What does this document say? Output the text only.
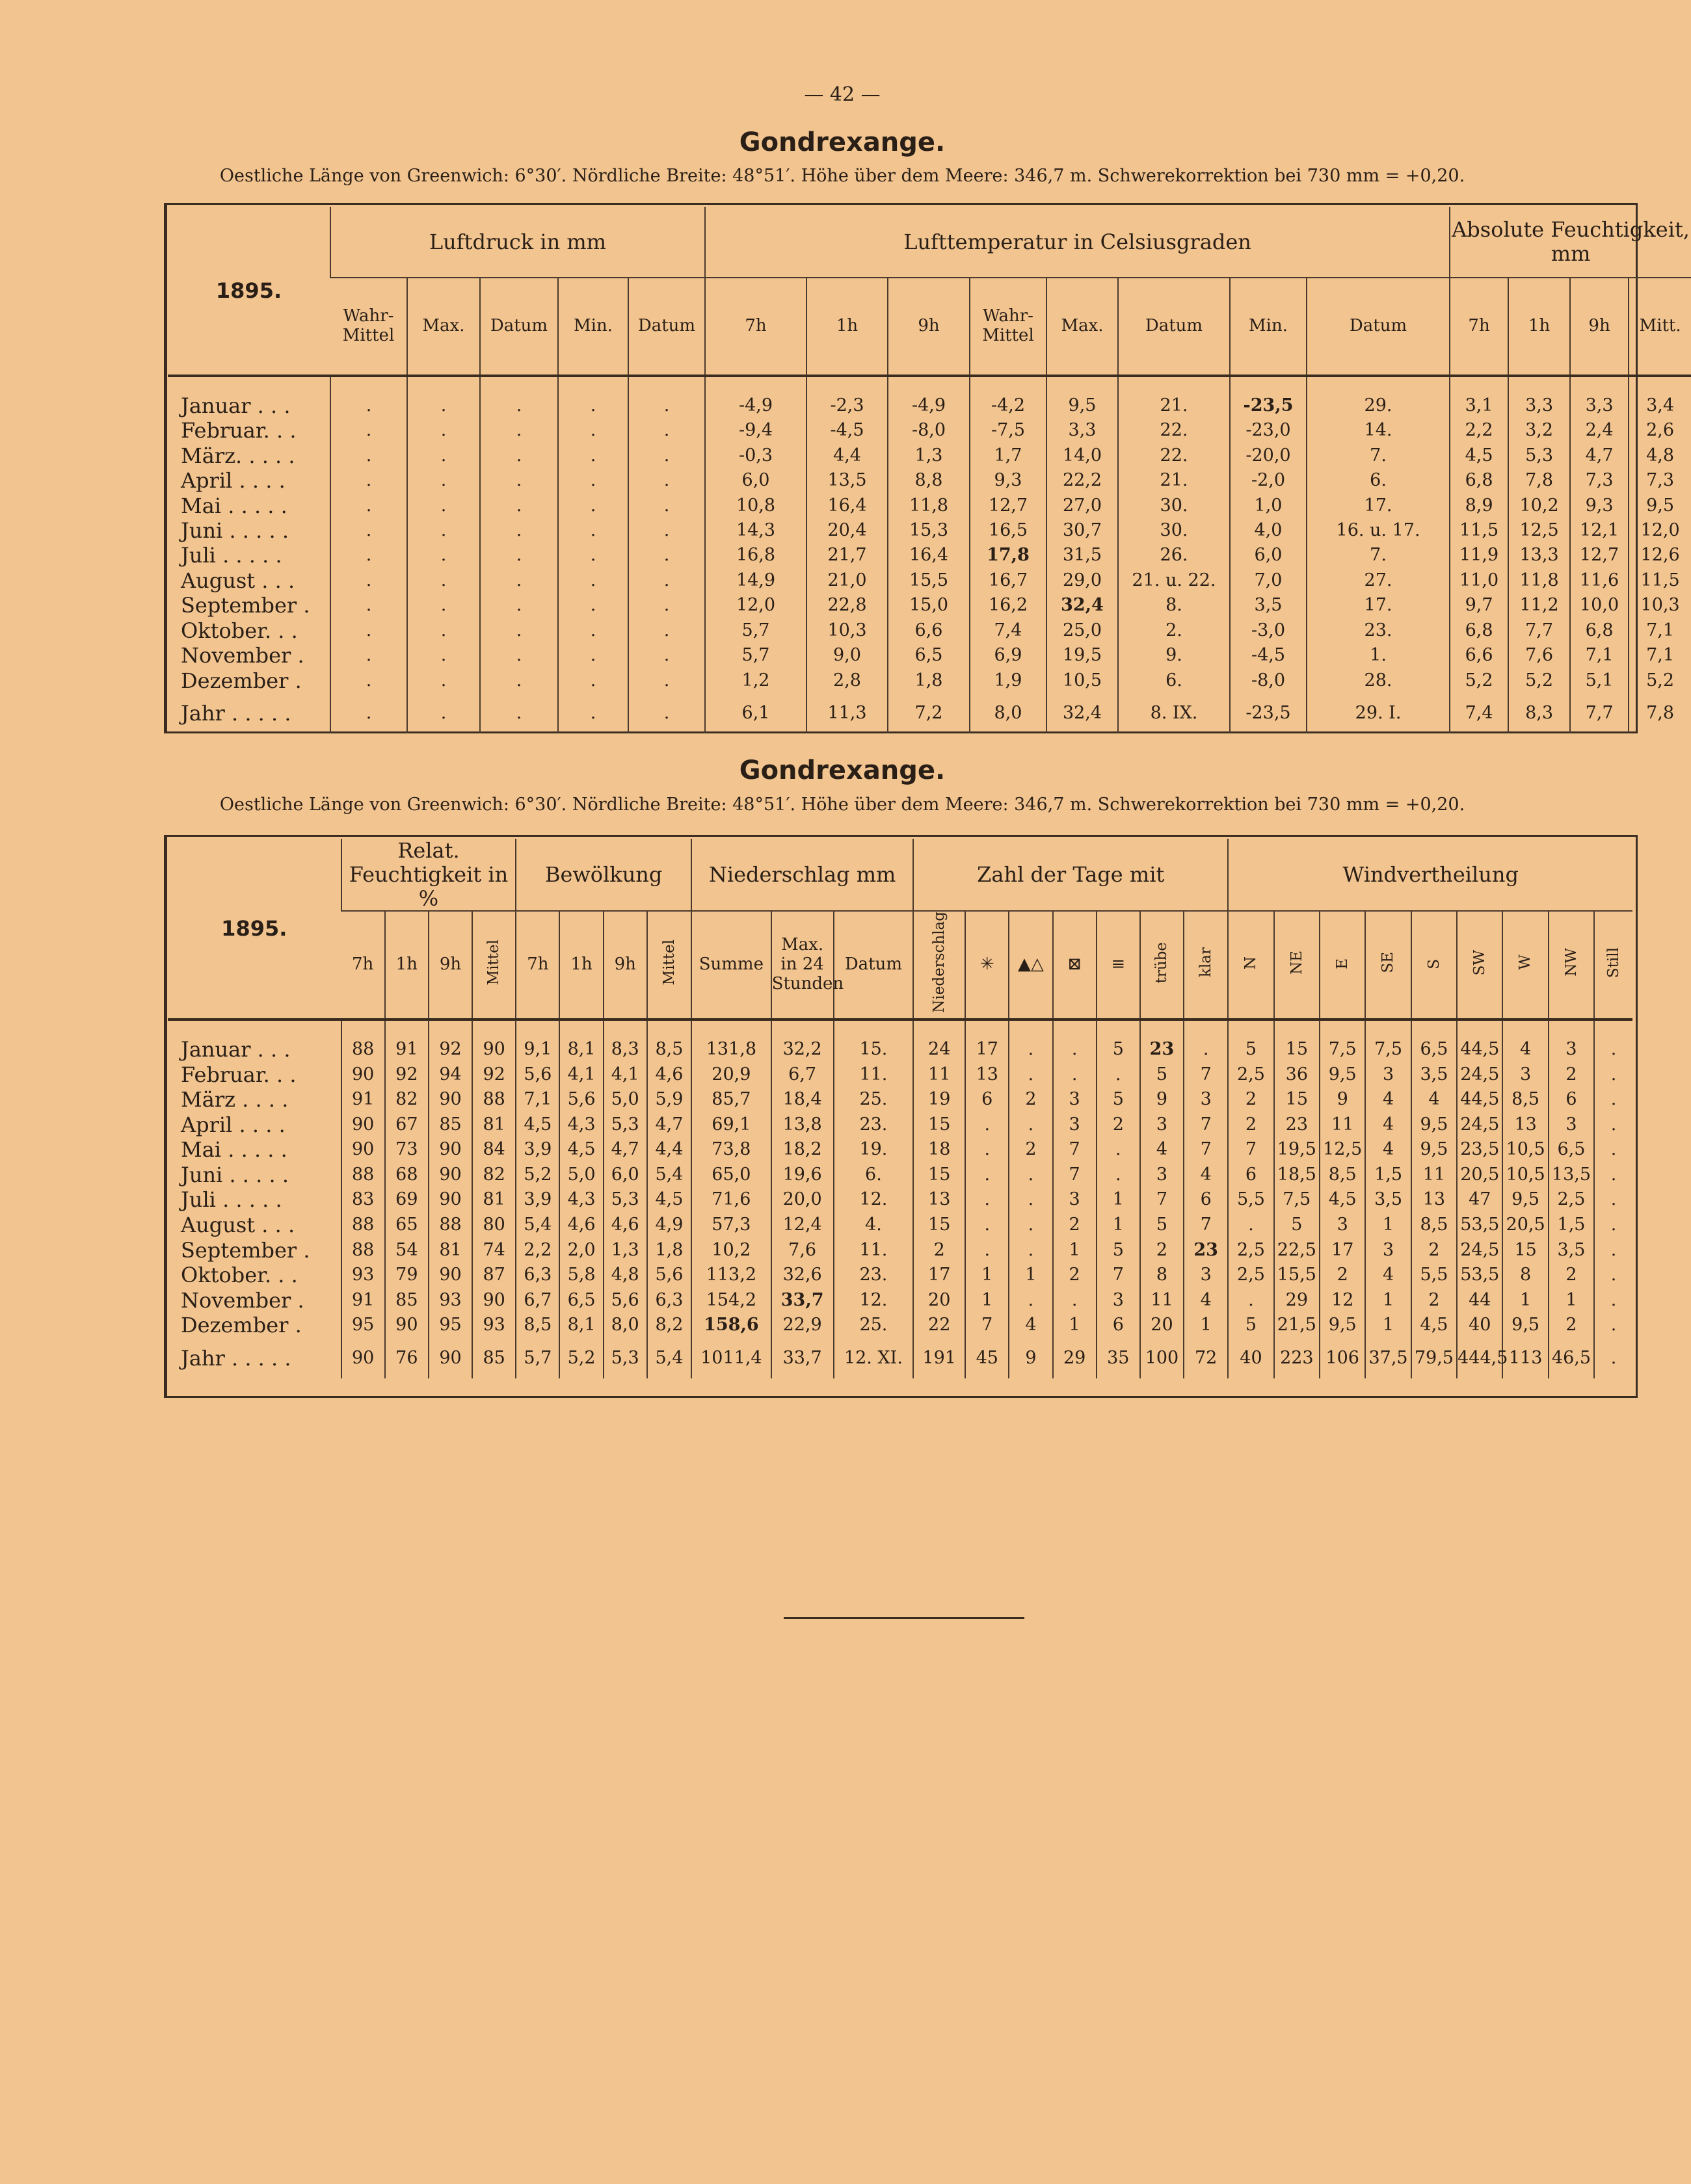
— 42 —
Gondrexange.
Oestliche Länge von Greenwich: 6°30′. Nördliche Breite: 48°51′. Höhe über dem Meere: 346,7 m. Schwerekorrektion bei 730 mm = +0,20.
1895.	Luftdruck in mm					Lufttemperatur in Celsiusgraden								Absolute Feuchtigkeit, mm			
	Wahr-Mittel	Max.	Datum	Min.	Datum	7h	1h	9h	Wahr-Mittel	Max.	Datum	Min.	Datum	7h	1h	9h	Mitt.

Januar . . .	.	.	.	.	.	-4,9	-2,3	-4,9	-4,2	9,5	21.	-23,5	29.	3,1	3,3	3,3	3,4
Februar. . .	.	.	.	.	.	-9,4	-4,5	-8,0	-7,5	3,3	22.	-23,0	14.	2,2	3,2	2,4	2,6
März. . . . .	.	.	.	.	.	-0,3	4,4	1,3	1,7	14,0	22.	-20,0	7.	4,5	5,3	4,7	4,8
April . . . .	.	.	.	.	.	6,0	13,5	8,8	9,3	22,2	21.	-2,0	6.	6,8	7,8	7,3	7,3
Mai . . . . .	.	.	.	.	.	10,8	16,4	11,8	12,7	27,0	30.	1,0	17.	8,9	10,2	9,3	9,5
Juni . . . . .	.	.	.	.	.	14,3	20,4	15,3	16,5	30,7	30.	4,0	16. u. 17.	11,5	12,5	12,1	12,0
Juli . . . . .	.	.	.	.	.	16,8	21,7	16,4	17,8	31,5	26.	6,0	7.	11,9	13,3	12,7	12,6
August . . .	.	.	.	.	.	14,9	21,0	15,5	16,7	29,0	21. u. 22.	7,0	27.	11,0	11,8	11,6	11,5
September .	.	.	.	.	.	12,0	22,8	15,0	16,2	32,4	8.	3,5	17.	9,7	11,2	10,0	10,3
Oktober. . .	.	.	.	.	.	5,7	10,3	6,6	7,4	25,0	2.	-3,0	23.	6,8	7,7	6,8	7,1
November .	.	.	.	.	.	5,7	9,0	6,5	6,9	19,5	9.	-4,5	1.	6,6	7,6	7,1	7,1
Dezember .	.	.	.	.	.	1,2	2,8	1,8	1,9	10,5	6.	-8,0	28.	5,2	5,2	5,1	5,2
Jahr . . . . .	.	.	.	.	.	6,1	11,3	7,2	8,0	32,4	8. IX.	-23,5	29. I.	7,4	8,3	7,7	7,8
Gondrexange.
Oestliche Länge von Greenwich: 6°30′. Nördliche Breite: 48°51′. Höhe über dem Meere: 346,7 m. Schwerekorrektion bei 730 mm = +0,20.
1895.	Relat. Feuchtigkeit in %				Bewölkung				Niederschlag mm			Zahl der Tage mit							Windvertheilung								
	7h	1h	9h	Mittel	7h	1h	9h	Mittel	Summe	Max. in 24 Stunden	Datum	Niederschlag	✳	▲△	⊠	≡	trübe	klar	N	NE	E	SE	S	SW	W	NW	Still

Januar . . .	88	91	92	90	9,1	8,1	8,3	8,5	131,8	32,2	15.	24	17	.	.	5	23	.	5	15	7,5	7,5	6,5	44,5	4	3	.
Februar. . .	90	92	94	92	5,6	4,1	4,1	4,6	20,9	6,7	11.	11	13	.	.	.	5	7	2,5	36	9,5	3	3,5	24,5	3	2	.
März . . . .	91	82	90	88	7,1	5,6	5,0	5,9	85,7	18,4	25.	19	6	2	3	5	9	3	2	15	9	4	4	44,5	8,5	6	.
April . . . .	90	67	85	81	4,5	4,3	5,3	4,7	69,1	13,8	23.	15	.	.	3	2	3	7	2	23	11	4	9,5	24,5	13	3	.
Mai . . . . .	90	73	90	84	3,9	4,5	4,7	4,4	73,8	18,2	19.	18	.	2	7	.	4	7	7	19,5	12,5	4	9,5	23,5	10,5	6,5	.
Juni . . . . .	88	68	90	82	5,2	5,0	6,0	5,4	65,0	19,6	6.	15	.	.	7	.	3	4	6	18,5	8,5	1,5	11	20,5	10,5	13,5	.
Juli . . . . .	83	69	90	81	3,9	4,3	5,3	4,5	71,6	20,0	12.	13	.	.	3	1	7	6	5,5	7,5	4,5	3,5	13	47	9,5	2,5	.
August . . .	88	65	88	80	5,4	4,6	4,6	4,9	57,3	12,4	4.	15	.	.	2	1	5	7	.	5	3	1	8,5	53,5	20,5	1,5	.
September .	88	54	81	74	2,2	2,0	1,3	1,8	10,2	7,6	11.	2	.	.	1	5	2	23	2,5	22,5	17	3	2	24,5	15	3,5	.
Oktober. . .	93	79	90	87	6,3	5,8	4,8	5,6	113,2	32,6	23.	17	1	1	2	7	8	3	2,5	15,5	2	4	5,5	53,5	8	2	.
November .	91	85	93	90	6,7	6,5	5,6	6,3	154,2	33,7	12.	20	1	.	.	3	11	4	.	29	12	1	2	44	1	1	.
Dezember .	95	90	95	93	8,5	8,1	8,0	8,2	158,6	22,9	25.	22	7	4	1	6	20	1	5	21,5	9,5	1	4,5	40	9,5	2	.
Jahr . . . . .	90	76	90	85	5,7	5,2	5,3	5,4	1011,4	33,7	12. XI.	191	45	9	29	35	100	72	40	223	106	37,5	79,5	444,5	113	46,5	.
